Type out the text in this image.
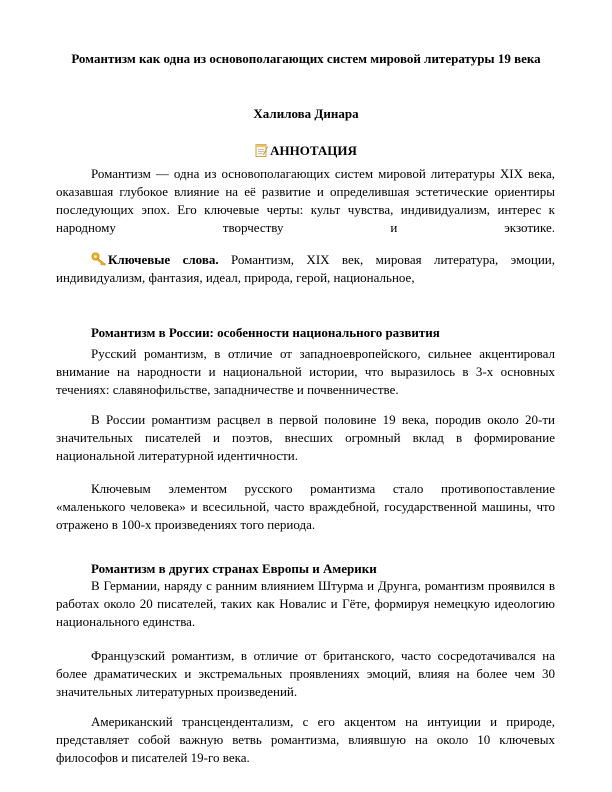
Романтизм как одна из основополагающих систем мировой литературы 19 века
Халилова Динара
АННОТАЦИЯ
Романтизм — одна из основополагающих систем мировой литературы XIX века, оказавшая глубокое влияние на её развитие и определившая эстетические ориентиры последующих эпох. Его ключевые черты: культ чувства, индивидуализм, интерес к народному творчеству и экзотике.
Ключевые слова. Романтизм, XIX век, мировая литература, эмоции, индивидуализм, фантазия, идеал, природа, герой, национальное,
Романтизм в России: особенности национального развития
Русский романтизм, в отличие от западноевропейского, сильнее акцентировал внимание на народности и национальной истории, что выразилось в 3-х основных течениях: славянофильстве, западничестве и почвенничестве.
В России романтизм расцвел в первой половине 19 века, породив около 20-ти значительных писателей и поэтов, внесших огромный вклад в формирование национальной литературной идентичности.
Ключевым элементом русского романтизма стало противопоставление «маленького человека» и всесильной, часто враждебной, государственной машины, что отражено в 100-х произведениях того периода.
Романтизм в других странах Европы и Америки
В Германии, наряду с ранним влиянием Штурма и Друнга, романтизм проявился в работах около 20 писателей, таких как Новалис и Гёте, формируя немецкую идеологию национального единства.
Французский романтизм, в отличие от британского, часто сосредотачивался на более драматических и экстремальных проявлениях эмоций, влияя на более чем 30 значительных литературных произведений.
Американский трансцендентализм, с его акцентом на интуиции и природе, представляет собой важную ветвь романтизма, влиявшую на около 10 ключевых философов и писателей 19-го века.
